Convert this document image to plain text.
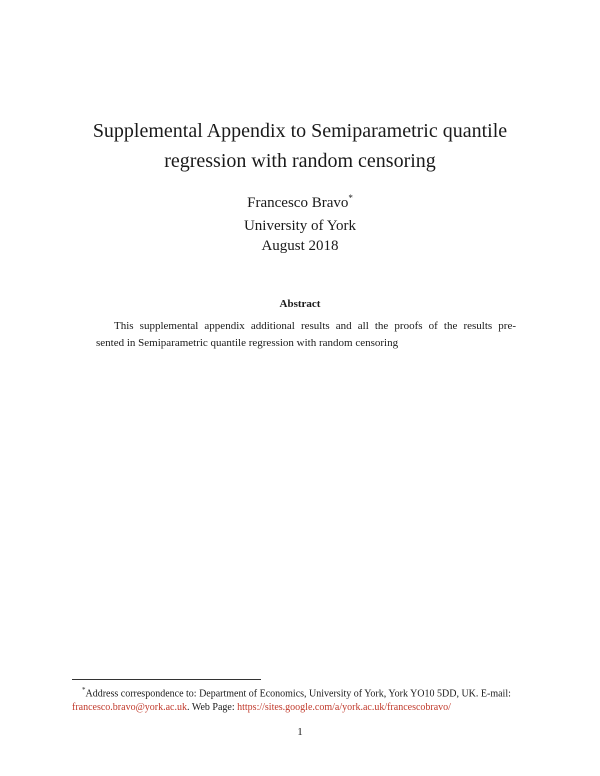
Supplemental Appendix to Semiparametric quantile
regression with random censoring
Francesco Bravo*
University of York
August 2018
Abstract
This supplemental appendix additional results and all the proofs of the results pre-
sented in Semiparametric quantile regression with random censoring
*Address correspondence to: Department of Economics, University of York, York YO10 5DD, UK. E-mail:
francesco.bravo@york.ac.uk. Web Page: https://sites.google.com/a/york.ac.uk/francescobravo/
1
